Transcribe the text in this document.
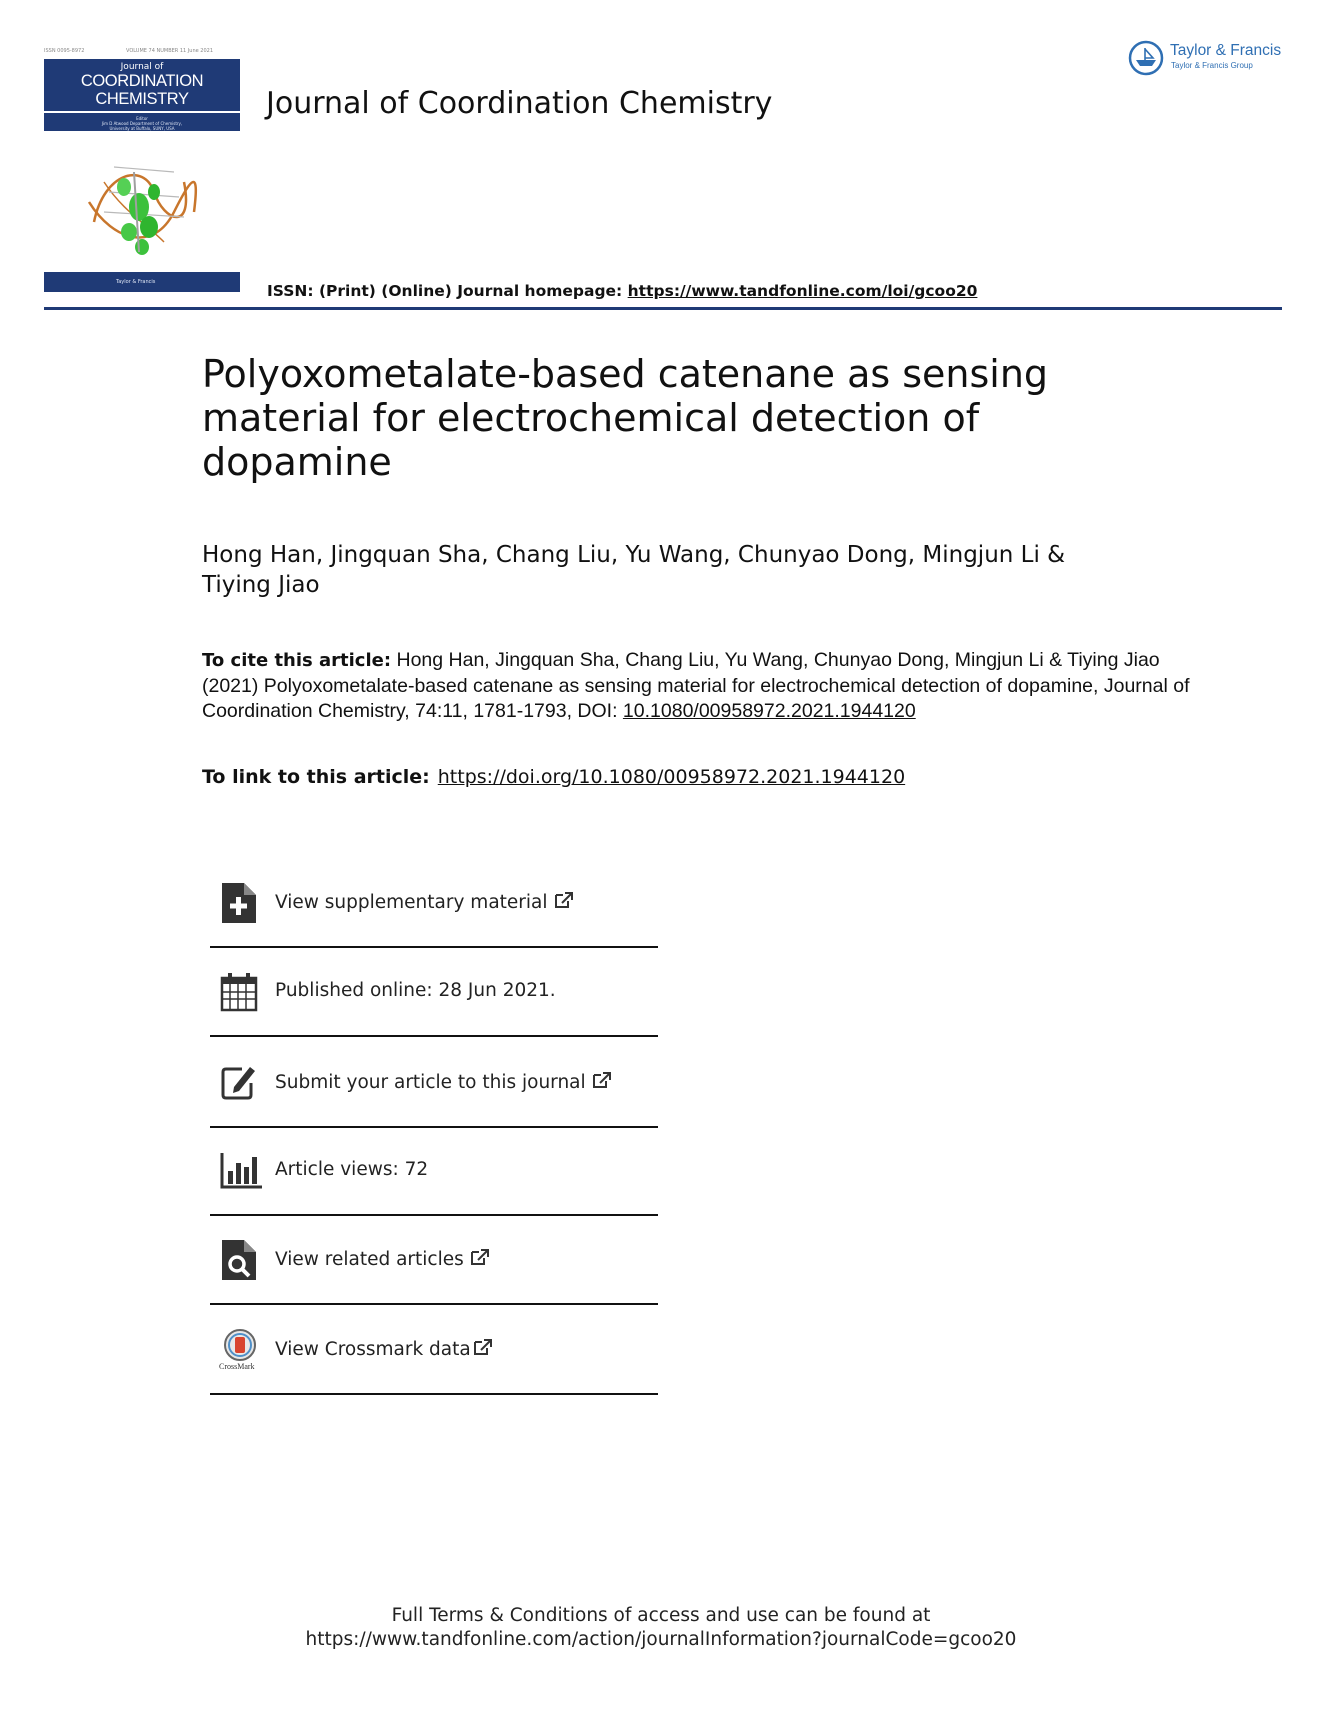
ISSN 0095-8972	VOLUME 74 NUMBER 11 June 2021
Journal of
COORDINATION
CHEMISTRY
Editor
Jim D Atwood Department of Chemistry,
University at Buffalo, SUNY, USA
Taylor & Francis
Journal of Coordination Chemistry
Taylor & Francis
Taylor & Francis Group
ISSN: (Print) (Online) Journal homepage: https://www.tandfonline.com/loi/gcoo20
Polyoxometalate-based catenane as sensing material for electrochemical detection of dopamine
Hong Han, Jingquan Sha, Chang Liu, Yu Wang, Chunyao Dong, Mingjun Li & Tiying Jiao
To cite this article: Hong Han, Jingquan Sha, Chang Liu, Yu Wang, Chunyao Dong, Mingjun Li & Tiying Jiao (2021) Polyoxometalate-based catenane as sensing material for electrochemical detection of dopamine, Journal of Coordination Chemistry, 74:11, 1781-1793, DOI: 10.1080/00958972.2021.1944120
To link to this article: https://doi.org/10.1080/00958972.2021.1944120
View supplementary material
Published online: 28 Jun 2021.
Submit your article to this journal
Article views: 72
View related articles
CrossMark
View Crossmark data
Full Terms & Conditions of access and use can be found at
https://www.tandfonline.com/action/journalInformation?journalCode=gcoo20
